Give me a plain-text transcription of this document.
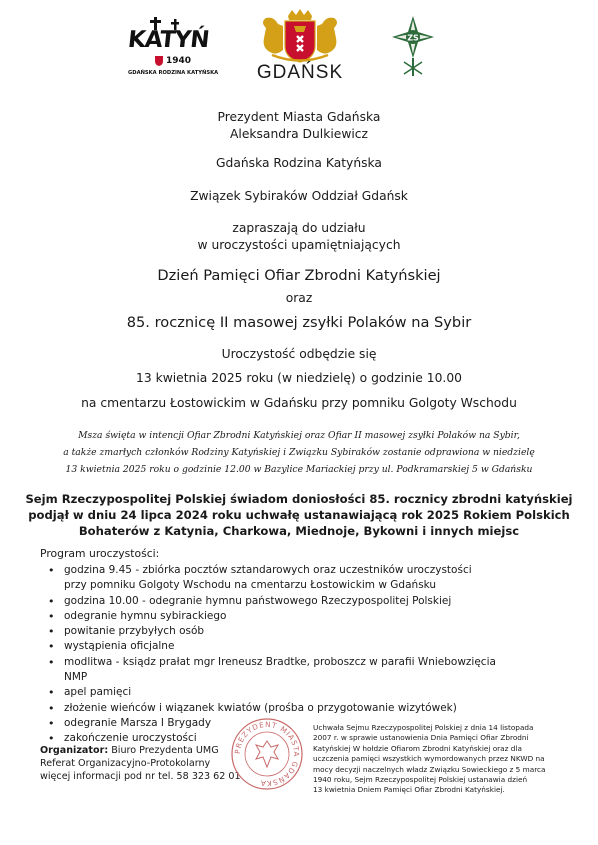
KATYŃ
1940
GDAŃSKA RODZINA KATYŃSKA	GDAŃSK
ZS
Prezydent Miasta Gdańska
Aleksandra Dulkiewicz
Gdańska Rodzina Katyńska
Związek Sybiraków Oddział Gdańsk
zapraszają do udziału
w uroczystości upamiętniających
Dzień Pamięci Ofiar Zbrodni Katyńskiej
oraz
85. rocznicę II masowej zsyłki Polaków na Sybir
Uroczystość odbędzie się
13 kwietnia 2025 roku (w niedzielę) o godzinie 10.00
na cmentarzu Łostowickim w Gdańsku przy pomniku Golgoty Wschodu
Msza święta w intencji Ofiar Zbrodni Katyńskiej oraz Ofiar II masowej zsyłki Polaków na Sybir,
a także zmarłych członków Rodziny Katyńskiej i Związku Sybiraków zostanie odprawiona w niedzielę
13 kwietnia 2025 roku o godzinie 12.00 w Bazylice Mariackiej przy ul. Podkramarskiej 5 w Gdańsku
Sejm Rzeczypospolitej Polskiej świadom doniosłości 85. rocznicy zbrodni katyńskiej
podjął w dniu 24 lipca 2024 roku uchwałę ustanawiającą rok 2025 Rokiem Polskich
Bohaterów z Katynia, Charkowa, Miednoje, Bykowni i innych miejsc
Program uroczystości:
• godzina 9.45 - zbiórka pocztów sztandarowych oraz uczestników uroczystości
przy pomniku Golgoty Wschodu na cmentarzu Łostowickim w Gdańsku
• godzina 10.00 - odegranie hymnu państwowego Rzeczypospolitej Polskiej
• odegranie hymnu sybirackiego
• powitanie przybyłych osób
• wystąpienia oficjalne
• modlitwa - ksiądz prałat mgr Ireneusz Bradtke, proboszcz w parafii Wniebowzięcia NMP
• apel pamięci
• złożenie wieńców i wiązanek kwiatów (prośba o przygotowanie wizytówek)
• odegranie Marsza I Brygady
• zakończenie uroczystości
Organizator: Biuro Prezydenta UMG
Referat Organizacyjno-Protokolarny
więcej informacji pod nr tel. 58 323 62 01
PREZYDENT MIASTA GDAŃSKA
Uchwała Sejmu Rzeczypospolitej Polskiej z dnia 14 listopada
2007 r. w sprawie ustanowienia Dnia Pamięci Ofiar Zbrodni
Katyńskiej W hołdzie Ofiarom Zbrodni Katyńskiej oraz dla
uczczenia pamięci wszystkich wymordowanych przez NKWD na
mocy decyzji naczelnych władz Związku Sowieckiego z 5 marca
1940 roku, Sejm Rzeczypospolitej Polskiej ustanawia dzień
13 kwietnia Dniem Pamięci Ofiar Zbrodni Katyńskiej.
